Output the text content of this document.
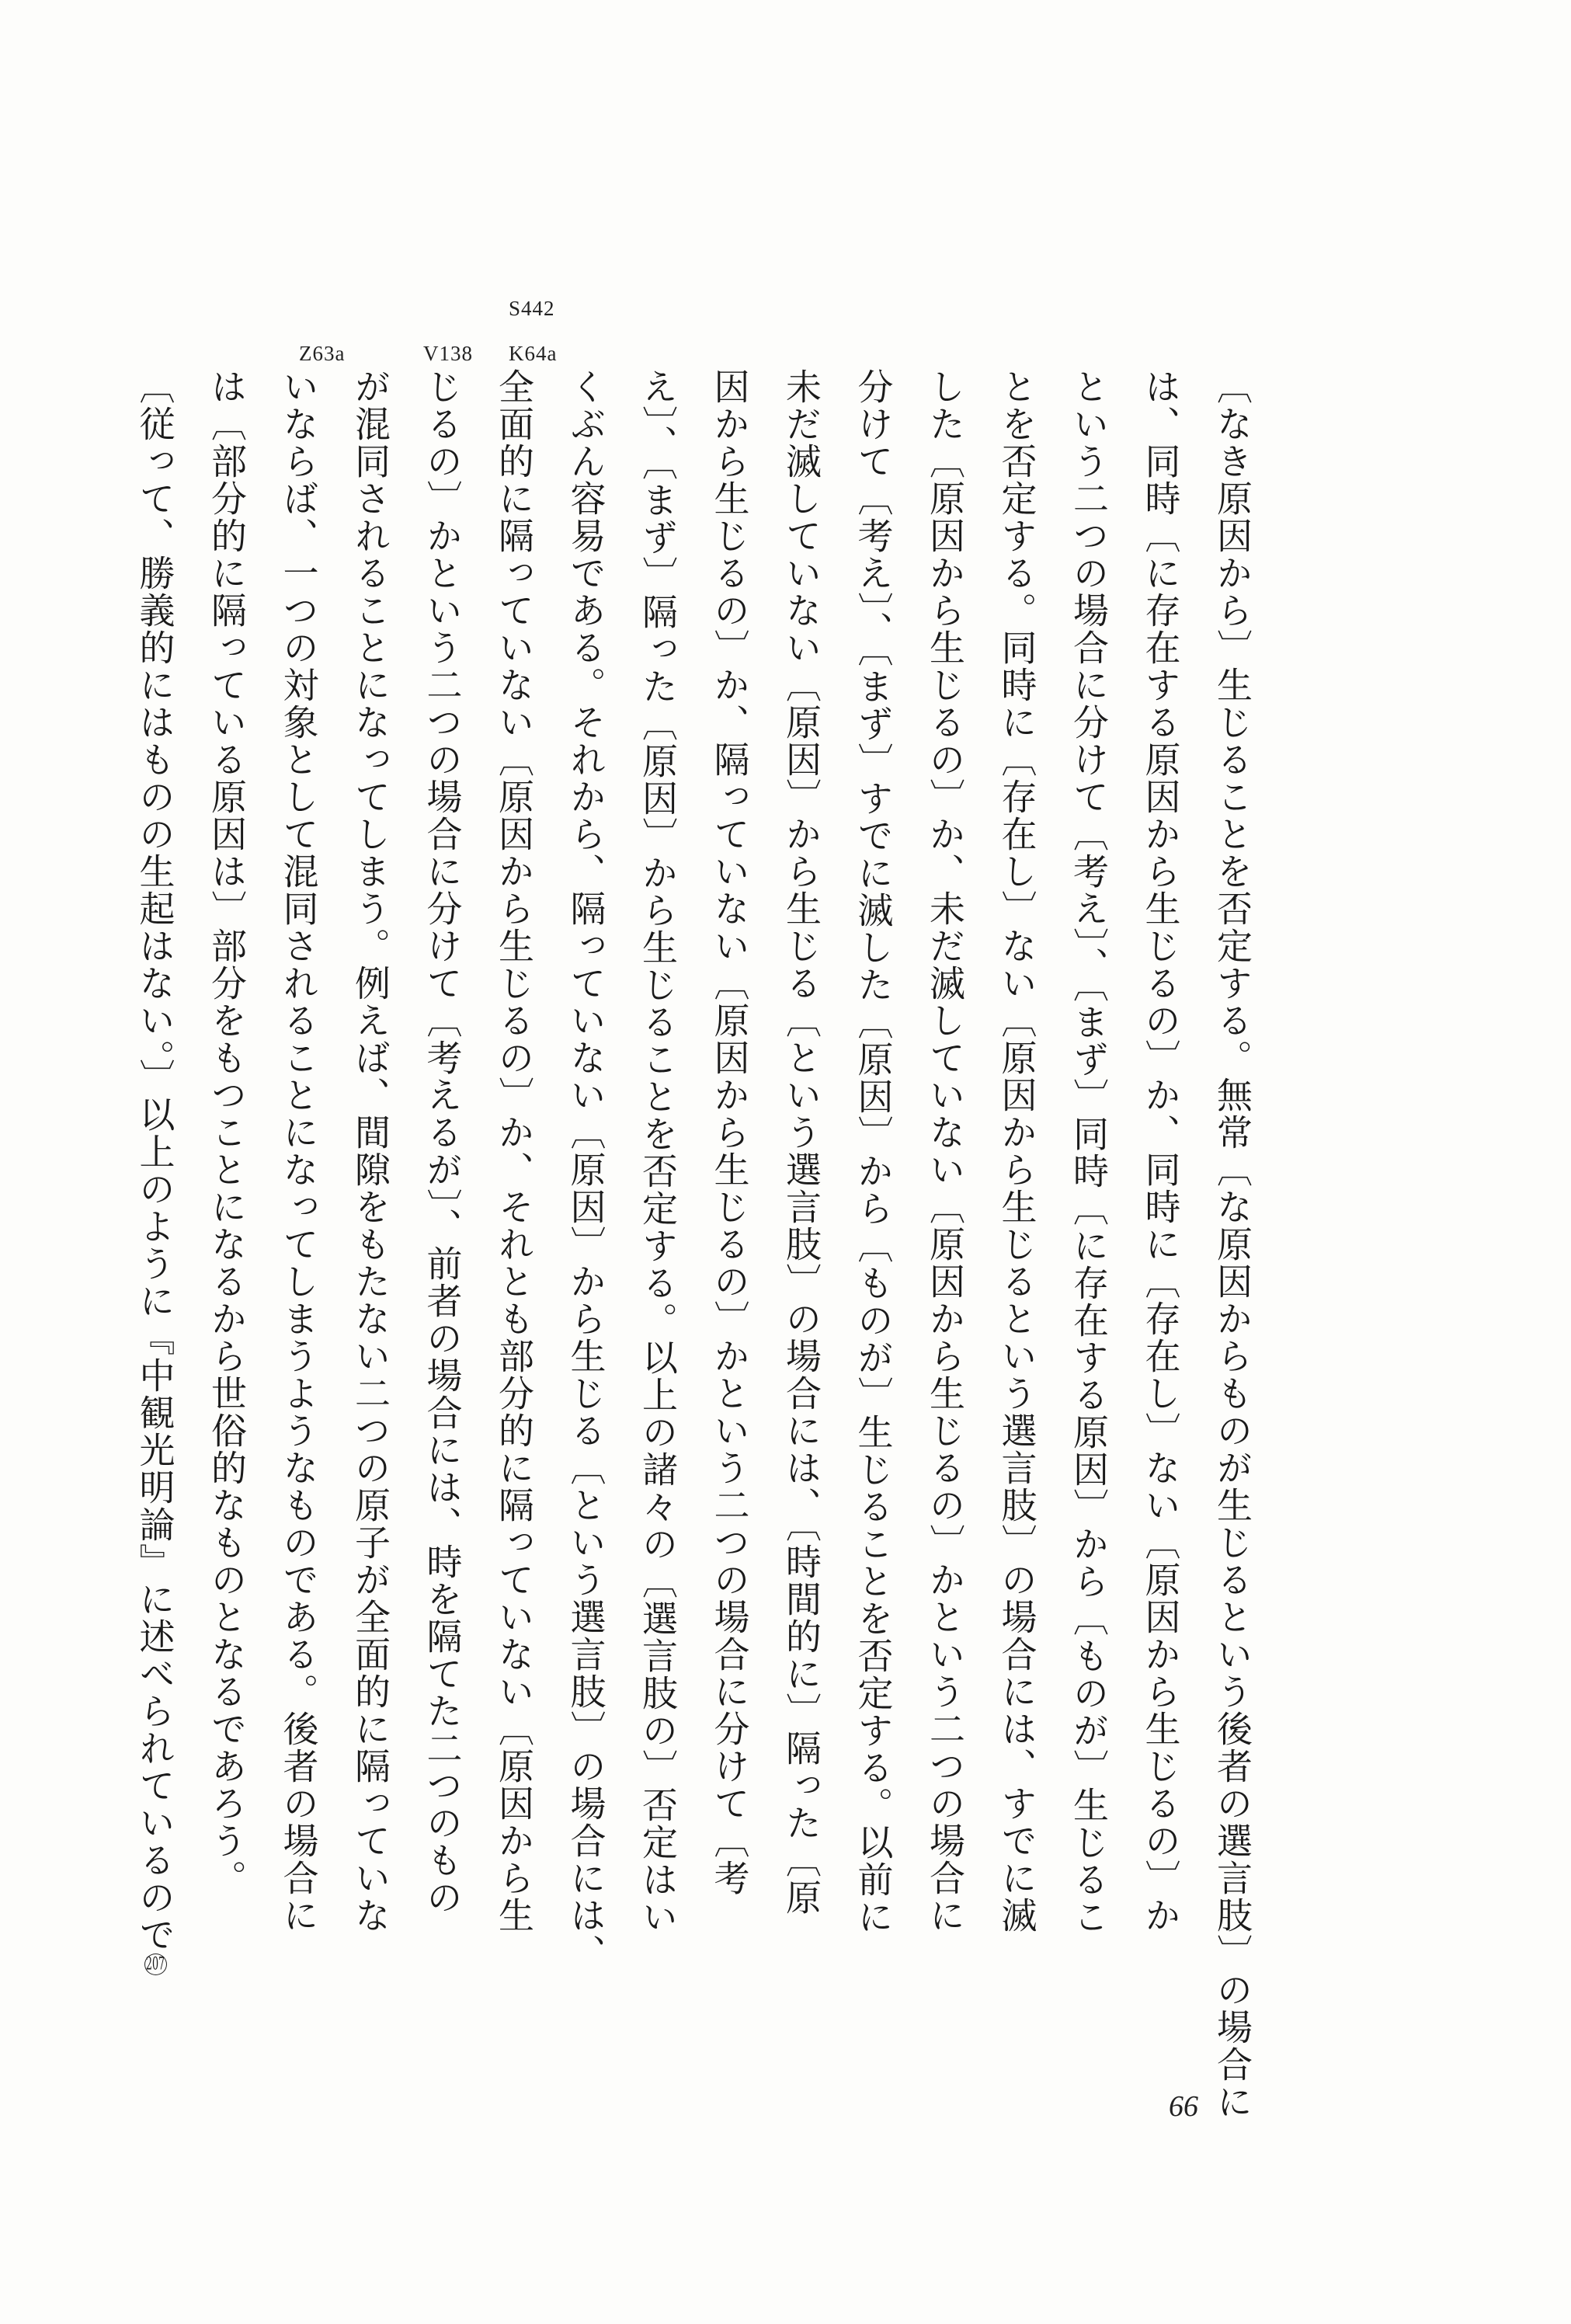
S442
K64a
V138
Z63a
〔なき原因から〕生じることを否定する。無常〔な原因からものが生じるという後者の選言肢〕の場合に
は、同時〔に存在する原因から生じるの〕か、同時に〔存在し〕ない〔原因から生じるの〕か
という二つの場合に分けて〔考え〕、〔まず〕同時〔に存在する原因〕から〔ものが〕生じるこ
とを否定する。同時に〔存在し〕ない〔原因から生じるという選言肢〕の場合には、すでに滅
した〔原因から生じるの〕か、未だ滅していない〔原因から生じるの〕かという二つの場合に
分けて〔考え〕、〔まず〕すでに滅した〔原因〕から〔ものが〕生じることを否定する。以前に
未だ滅していない〔原因〕から生じる〔という選言肢〕の場合には、〔時間的に〕隔った〔原
因から生じるの〕か、隔っていない〔原因から生じるの〕かという二つの場合に分けて〔考
え〕、〔まず〕隔った〔原因〕から生じることを否定する。以上の諸々の〔選言肢の〕否定はい
くぶん容易である。それから、隔っていない〔原因〕から生じる〔という選言肢〕の場合には、
全面的に隔っていない〔原因から生じるの〕か、それとも部分的に隔っていない〔原因から生
じるの〕かという二つの場合に分けて〔考えるが〕、前者の場合には、時を隔てた二つのもの
が混同されることになってしまう。例えば、間隙をもたない二つの原子が全面的に隔っていな
いならば、一つの対象として混同されることになってしまうようなものである。後者の場合に
は〔部分的に隔っている原因は〕部分をもつことになるから世俗的なものとなるであろう。
〔従って、勝義的にはものの生起はない。〕以上のように『中観光明論』に述べられているので207
66
